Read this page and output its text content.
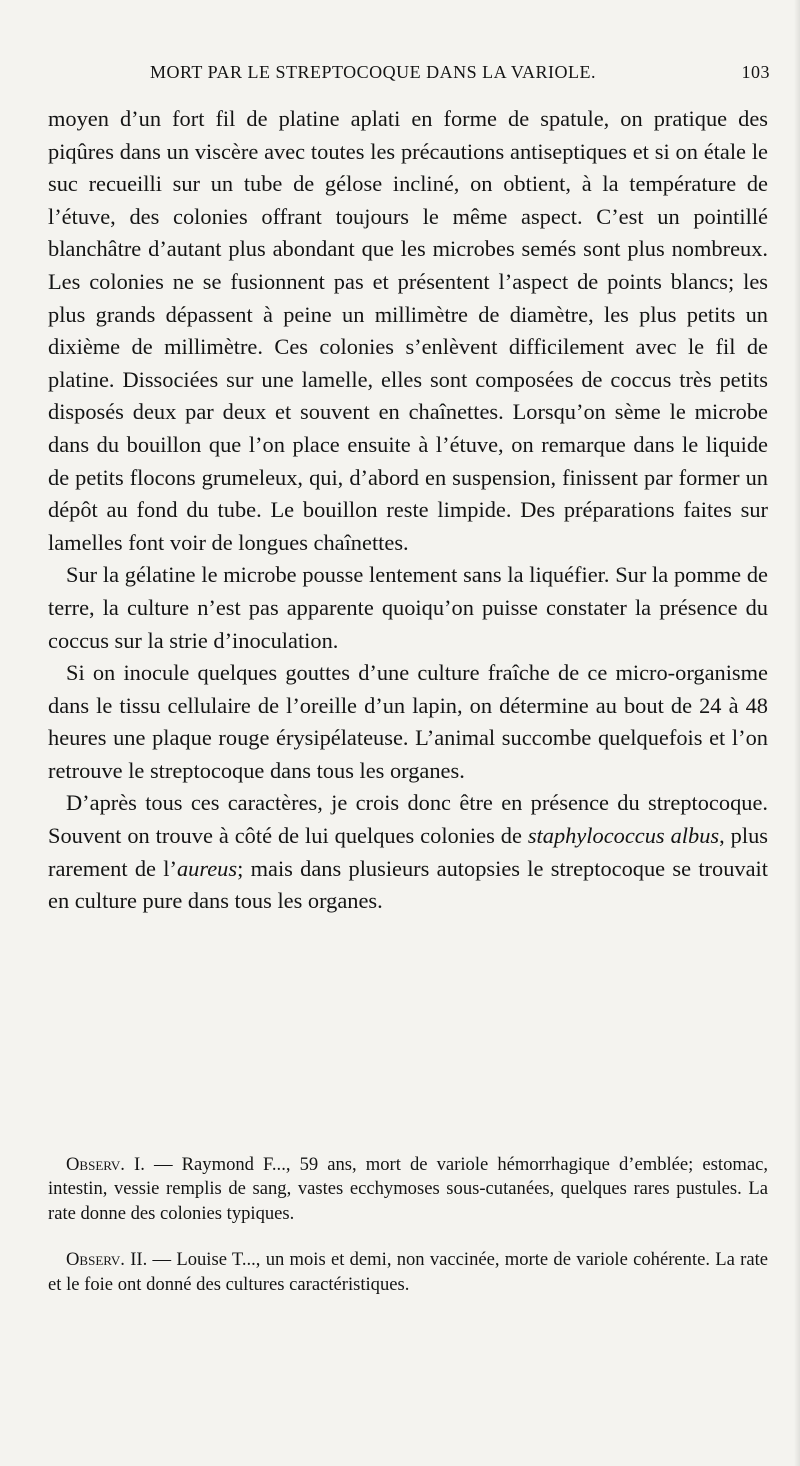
MORT PAR LE STREPTOCOQUE DANS LA VARIOLE.	103

moyen d’un fort fil de platine aplati en forme de spatule, on pratique des piqûres dans un viscère avec toutes les précautions antiseptiques et si on étale le suc recueilli sur un tube de gélose incliné, on obtient, à la température de l’étuve, des colonies offrant toujours le même aspect. C’est un pointillé blanchâtre d’autant plus abondant que les microbes semés sont plus nombreux. Les colonies ne se fusionnent pas et présentent l’aspect de points blancs; les plus grands dépassent à peine un millimètre de diamètre, les plus petits un dixième de millimètre. Ces colonies s’enlèvent difficilement avec le fil de platine. Dissociées sur une lamelle, elles sont composées de coccus très petits disposés deux par deux et souvent en chaînettes. Lorsqu’on sème le microbe dans du bouillon que l’on place ensuite à l’étuve, on remarque dans le liquide de petits flocons grumeleux, qui, d’abord en suspension, finissent par former un dépôt au fond du tube. Le bouillon reste limpide. Des préparations faites sur lamelles font voir de longues chaînettes.

Sur la gélatine le microbe pousse lentement sans la liquéfier. Sur la pomme de terre, la culture n’est pas apparente quoiqu’on puisse constater la présence du coccus sur la strie d’inoculation.

Si on inocule quelques gouttes d’une culture fraîche de ce micro-organisme dans le tissu cellulaire de l’oreille d’un lapin, on détermine au bout de 24 à 48 heures une plaque rouge érysipélateuse. L’animal succombe quelquefois et l’on retrouve le streptocoque dans tous les organes.

D’après tous ces caractères, je crois donc être en présence du streptocoque. Souvent on trouve à côté de lui quelques colonies de staphylococcus albus, plus rarement de l’aureus; mais dans plusieurs autopsies le streptocoque se trouvait en culture pure dans tous les organes.

Observ. I. — Raymond F..., 59 ans, mort de variole hémorrhagique d’emblée; estomac, intestin, vessie remplis de sang, vastes ecchymoses sous-cutanées, quelques rares pustules. La rate donne des colonies typiques.

Observ. II. — Louise T..., un mois et demi, non vaccinée, morte de variole cohérente. La rate et le foie ont donné des cultures caractéristiques.
